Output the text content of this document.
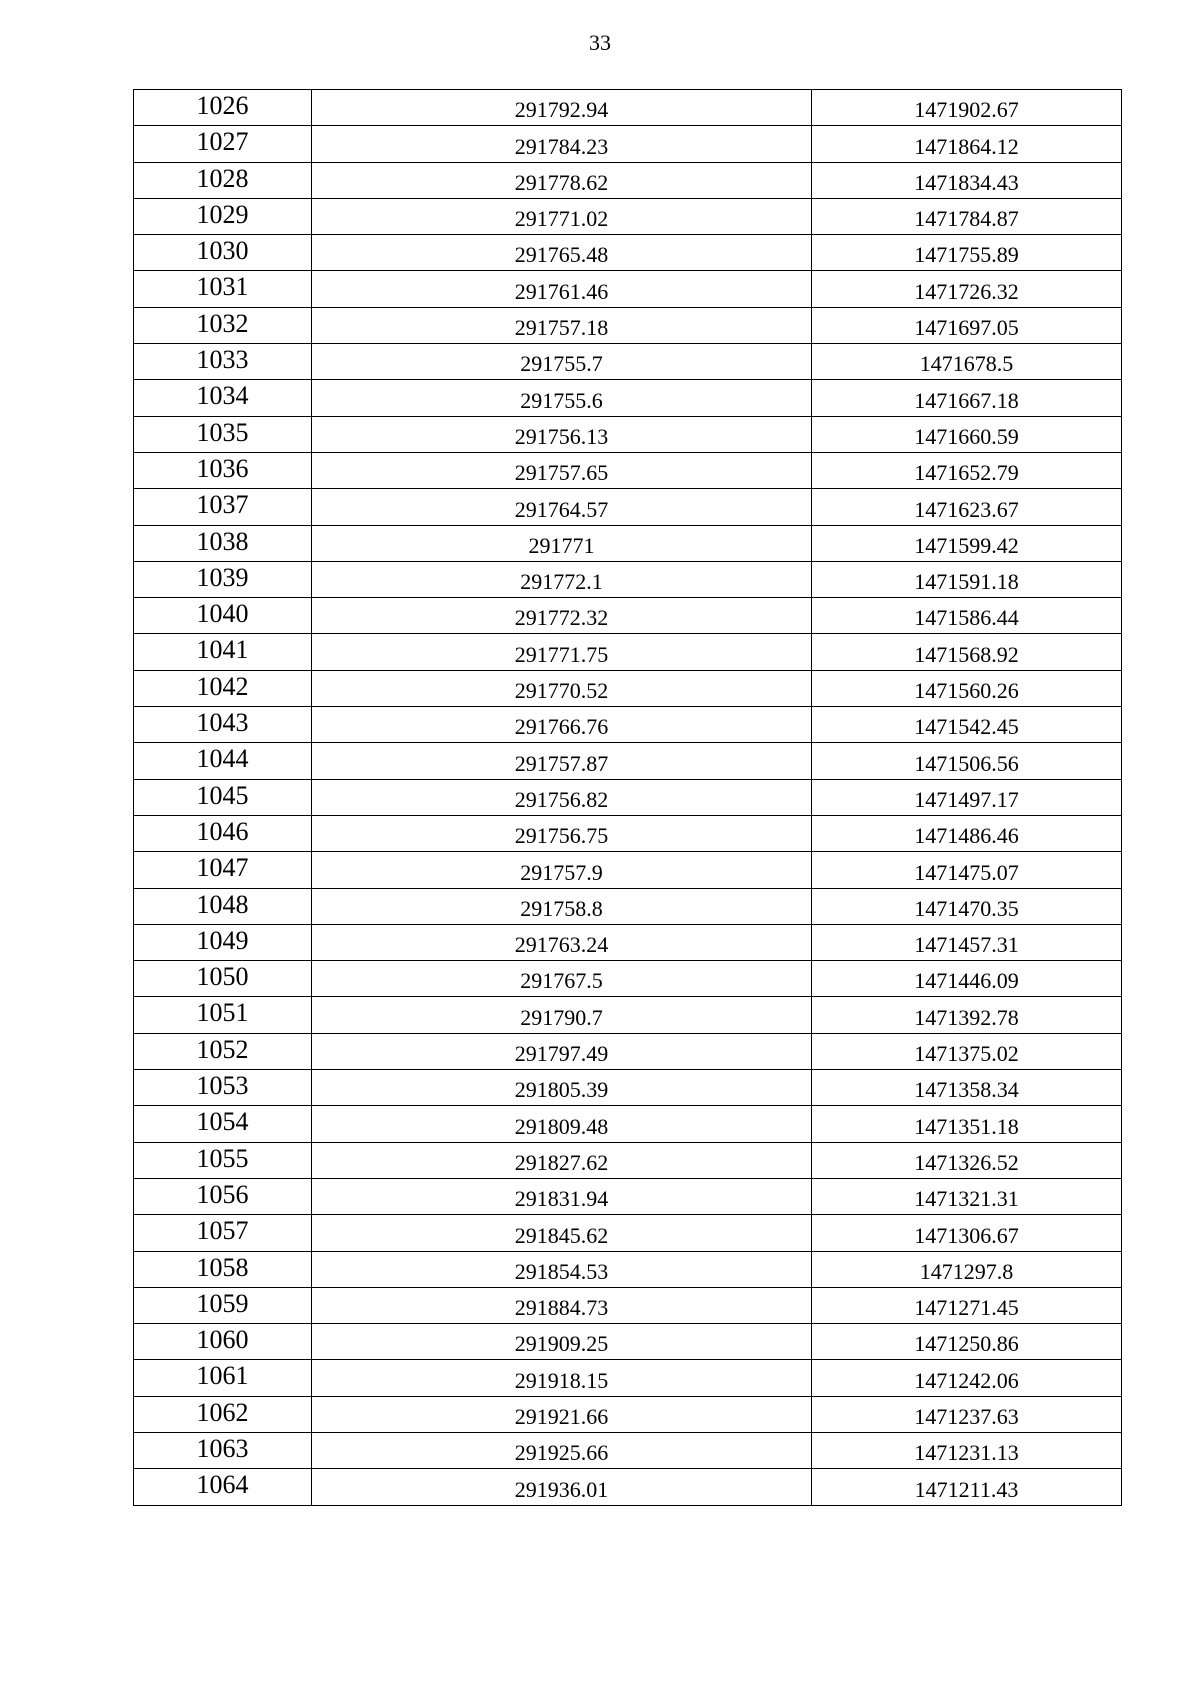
33
1026	291792.94	1471902.67
1027	291784.23	1471864.12
1028	291778.62	1471834.43
1029	291771.02	1471784.87
1030	291765.48	1471755.89
1031	291761.46	1471726.32
1032	291757.18	1471697.05
1033	291755.7	1471678.5
1034	291755.6	1471667.18
1035	291756.13	1471660.59
1036	291757.65	1471652.79
1037	291764.57	1471623.67
1038	291771	1471599.42
1039	291772.1	1471591.18
1040	291772.32	1471586.44
1041	291771.75	1471568.92
1042	291770.52	1471560.26
1043	291766.76	1471542.45
1044	291757.87	1471506.56
1045	291756.82	1471497.17
1046	291756.75	1471486.46
1047	291757.9	1471475.07
1048	291758.8	1471470.35
1049	291763.24	1471457.31
1050	291767.5	1471446.09
1051	291790.7	1471392.78
1052	291797.49	1471375.02
1053	291805.39	1471358.34
1054	291809.48	1471351.18
1055	291827.62	1471326.52
1056	291831.94	1471321.31
1057	291845.62	1471306.67
1058	291854.53	1471297.8
1059	291884.73	1471271.45
1060	291909.25	1471250.86
1061	291918.15	1471242.06
1062	291921.66	1471237.63
1063	291925.66	1471231.13
1064	291936.01	1471211.43
